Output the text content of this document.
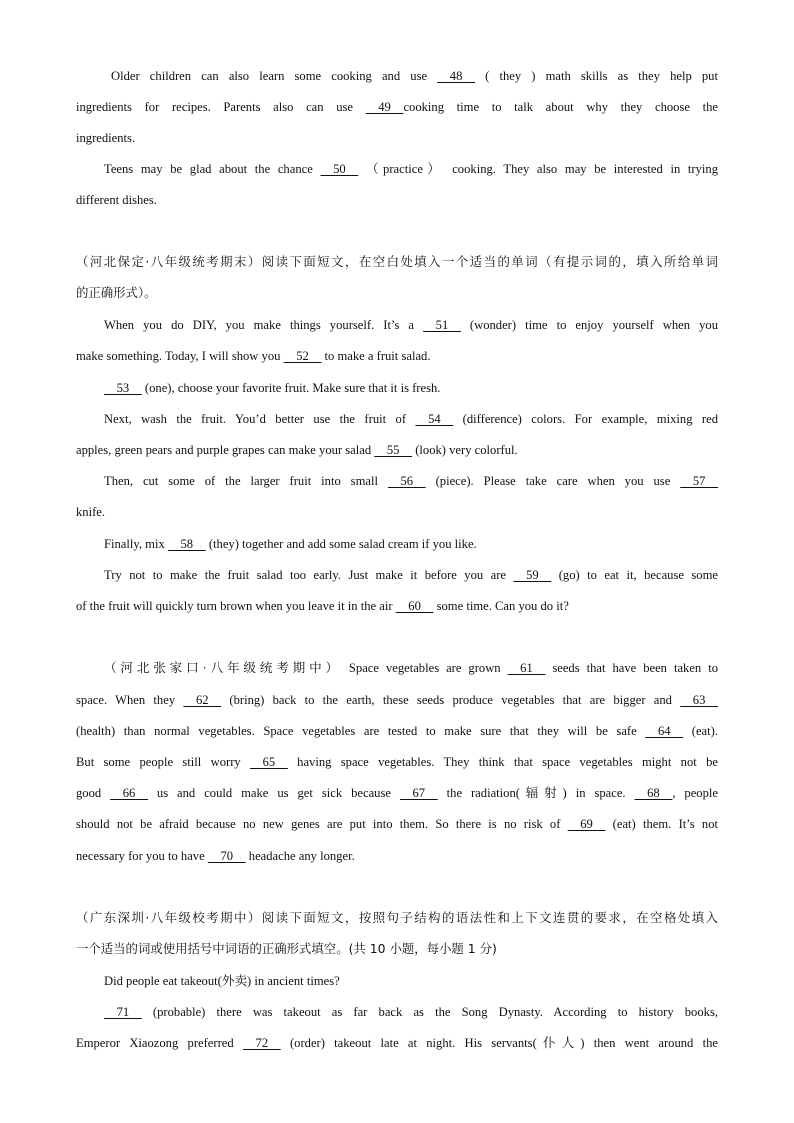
Older children can also learn some cooking and use     48     ( they ) math skills as they help put
ingredients for recipes. Parents also can use     49    cooking time to talk about why they choose the
ingredients.
Teens may be glad about the chance     50     （practice） cooking. They also may be interested in trying
different dishes.
（河北保定·八年级统考期末）阅读下面短文，在空白处填入一个适当的单词（有提示词的，填入所给单词
的正确形式）。
When you do DIY, you make things yourself. It’s a     51     (wonder) time to enjoy yourself when you
make something. Today, I will show you     52     to make a fruit salad.
53     (one), choose your favorite fruit. Make sure that it is fresh.
Next, wash the fruit. You’d better use the fruit of     54     (difference) colors. For example, mixing red
apples, green pears and purple grapes can make your salad     55     (look) very colorful.
Then, cut some of the larger fruit into small     56     (piece). Please take care when you use     57
knife.
Finally, mix     58     (they) together and add some salad cream if you like.
Try not to make the fruit salad too early. Just make it before you are     59     (go) to eat it, because some
of the fruit will quickly turn brown when you leave it in the air     60     some time. Can you do it?
（河北张家口·八年级统考期中） Space vegetables are grown     61     seeds that have been taken to
space. When they     62     (bring) back to the earth, these seeds produce vegetables that are bigger and     63
(health) than normal vegetables. Space vegetables are tested to make sure that they will be safe     64     (eat).
But some people still worry     65     having space vegetables. They think that space vegetables might not be
good     66     us and could make us get sick because     67     the radiation(辐射) in space.     68    , people
should not be afraid because no new genes are put into them. So there is no risk of     69     (eat) them. It’s not
necessary for you to have     70     headache any longer.
（广东深圳·八年级校考期中）阅读下面短文，按照句子结构的语法性和上下文连贯的要求，在空格处填入
一个适当的词或使用括号中词语的正确形式填空。(共 10 小题，每小题 1 分)
Did people eat takeout(外卖) in ancient times?
71     (probable) there was takeout as far back as the Song Dynasty. According to history books,
Emperor Xiaozong preferred     72     (order) takeout late at night. His servants(仆人) then went around the
